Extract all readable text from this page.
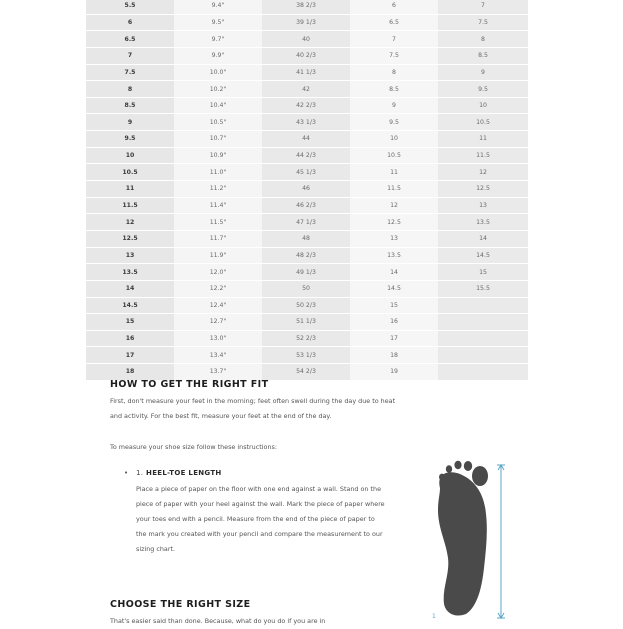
5.5	9.4"	38 2/3	6	7
6	9.5"	39 1/3	6.5	7.5
6.5	9.7"	40	7	8
7	9.9"	40 2/3	7.5	8.5
7.5	10.0"	41 1/3	8	9
8	10.2"	42	8.5	9.5
8.5	10.4"	42 2/3	9	10
9	10.5"	43 1/3	9.5	10.5
9.5	10.7"	44	10	11
10	10.9"	44 2/3	10.5	11.5
10.5	11.0"	45 1/3	11	12
11	11.2"	46	11.5	12.5
11.5	11.4"	46 2/3	12	13
12	11.5"	47 1/3	12.5	13.5
12.5	11.7"	48	13	14
13	11.9"	48 2/3	13.5	14.5
13.5	12.0"	49 1/3	14	15
14	12.2"	50	14.5	15.5
14.5	12.4"	50 2/3	15	
15	12.7"	51 1/3	16	
16	13.0"	52 2/3	17	
17	13.4"	53 1/3	18	
18	13.7"	54 2/3	19	
HOW TO GET THE RIGHT FIT

First, don't measure your feet in the morning; feet often swell during the day due to heat and activity. For the best fit, measure your feet at the end of the day.

To measure your shoe size follow these instructions:

• 1. HEEL-TOE LENGTH

Place a piece of paper on the floor with one end against a wall. Stand on the piece of paper with your heel against the wall. Mark the piece of paper where your toes end with a pencil. Measure from the end of the piece of paper to the mark you created with your pencil and compare the measurement to our sizing chart.

CHOOSE THE RIGHT SIZE

That's easier said than done. Because, what do you do if you are in

1
